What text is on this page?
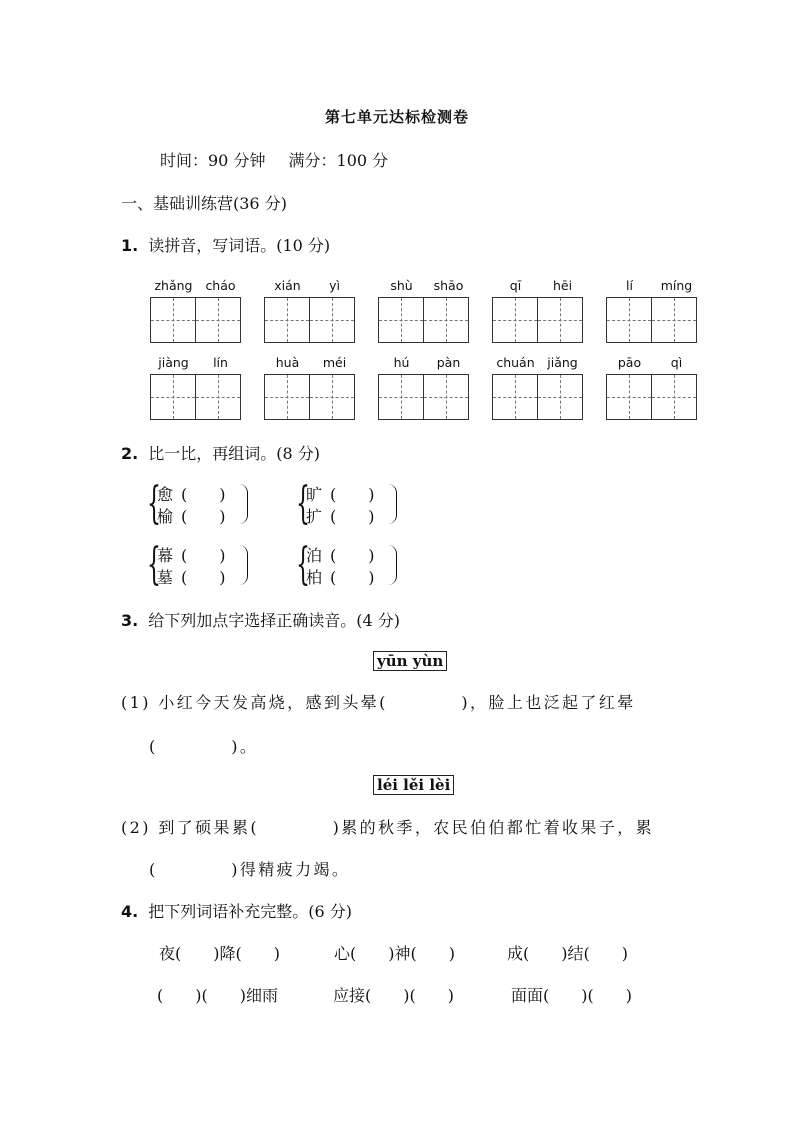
第七单元达标检测卷
时间：90 分钟 满分：100 分
一、基础训练营(36 分)
1. 读拼音，写词语。(10 分)
zhǎng	cháo	xián	yì	shù	shāo	qī	hēi	lí	míng
jiàng	lín	huà	méi	hú	pàn	chuán	jiǎng	pāo	qì
2. 比一比，再组词。(8 分)
{
愈 (　　)
榆 (　　) {
旷 (　　)
扩 (　　)
{
幕 (　　)
墓 (　　) {
泊 (　　)
柏 (　　)
3. 给下列加点字选择正确读音。(4 分)
yūn yùn
(1) 小红今天发高烧，感到头晕(　　　　)，脸上也泛起了红晕
(　　　　)。
léi lěi lèi
(2) 到了硕果累(　　　　)累的秋季，农民伯伯都忙着收果子，累
(　　　　)得精疲力竭。
4. 把下列词语补充完整。(6 分)
夜(　　)降(　　)	心(　　)神(　　)	成(　　)结(　　)
(　　)(　　)细雨	应接(　　)(　　)	面面(　　)(　　)
